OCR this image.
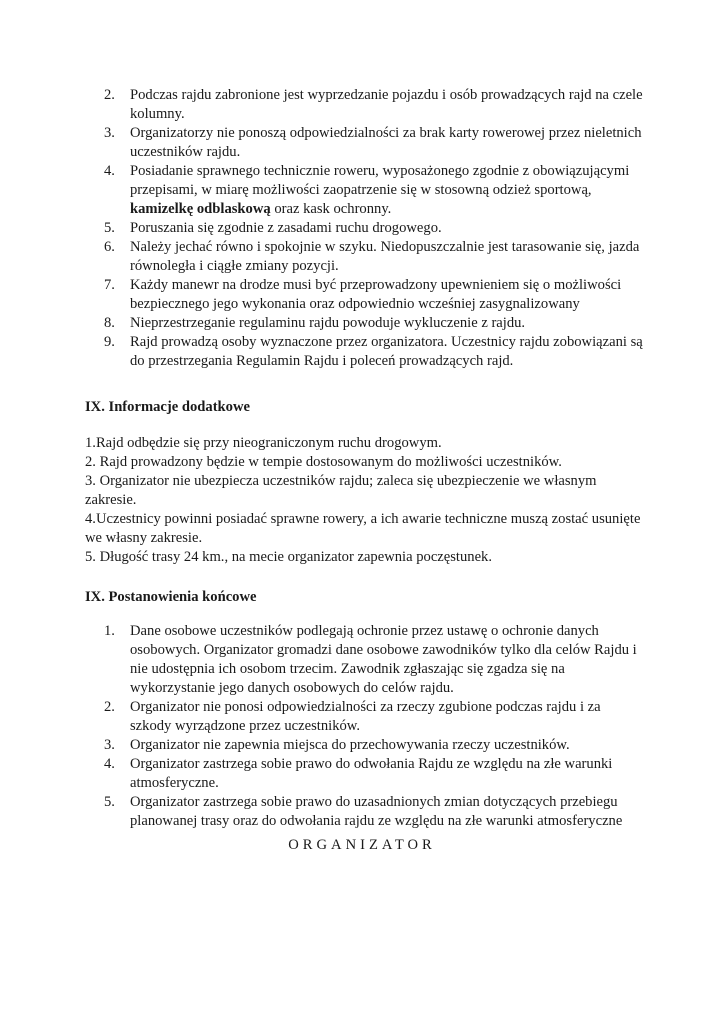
2. Podczas rajdu zabronione jest wyprzedzanie pojazdu i osób prowadzących rajd na czele kolumny.
3. Organizatorzy nie ponoszą odpowiedzialności za brak karty rowerowej przez nieletnich uczestników rajdu.
4. Posiadanie sprawnego technicznie roweru, wyposażonego zgodnie z obowiązującymi przepisami, w miarę możliwości zaopatrzenie się w stosowną odzież sportową, kamizelkę odblaskową oraz kask ochronny.
5. Poruszania się zgodnie z zasadami ruchu drogowego.
6. Należy jechać równo i spokojnie w szyku. Niedopuszczalnie jest tarasowanie się, jazda równoległa i ciągłe zmiany pozycji.
7. Każdy manewr na drodze musi być przeprowadzony upewnieniem się o możliwości bezpiecznego jego wykonania oraz odpowiednio wcześniej zasygnalizowany
8. Nieprzestrzeganie regulaminu rajdu powoduje wykluczenie z rajdu.
9. Rajd prowadzą osoby wyznaczone przez organizatora. Uczestnicy rajdu zobowiązani są do przestrzegania Regulamin Rajdu i poleceń prowadzących rajd.
IX. Informacje dodatkowe

1.Rajd odbędzie się przy nieograniczonym ruchu drogowym.

2. Rajd prowadzony będzie w tempie dostosowanym do możliwości uczestników.

3. Organizator nie ubezpiecza uczestników rajdu; zaleca się ubezpieczenie we własnym zakresie.

4.Uczestnicy powinni posiadać sprawne rowery, a ich awarie techniczne muszą zostać usunięte we własny zakresie.

5. Długość trasy 24 km., na mecie organizator zapewnia poczęstunek.

IX. Postanowienia końcowe
1. Dane osobowe uczestników podlegają ochronie przez ustawę o ochronie danych osobowych. Organizator gromadzi dane osobowe zawodników tylko dla celów Rajdu i nie udostępnia ich osobom trzecim. Zawodnik zgłaszając się zgadza się na wykorzystanie jego danych osobowych do celów rajdu.
2. Organizator nie ponosi odpowiedzialności za rzeczy zgubione podczas rajdu i za szkody wyrządzone przez uczestników.
3. Organizator nie zapewnia miejsca do przechowywania rzeczy uczestników.
4. Organizator zastrzega sobie prawo do odwołania Rajdu ze względu na złe warunki atmosferyczne.
5. Organizator zastrzega sobie prawo do uzasadnionych zmian dotyczących przebiegu planowanej trasy oraz do odwołania rajdu ze względu na złe warunki atmosferyczne
ORGANIZATOR
